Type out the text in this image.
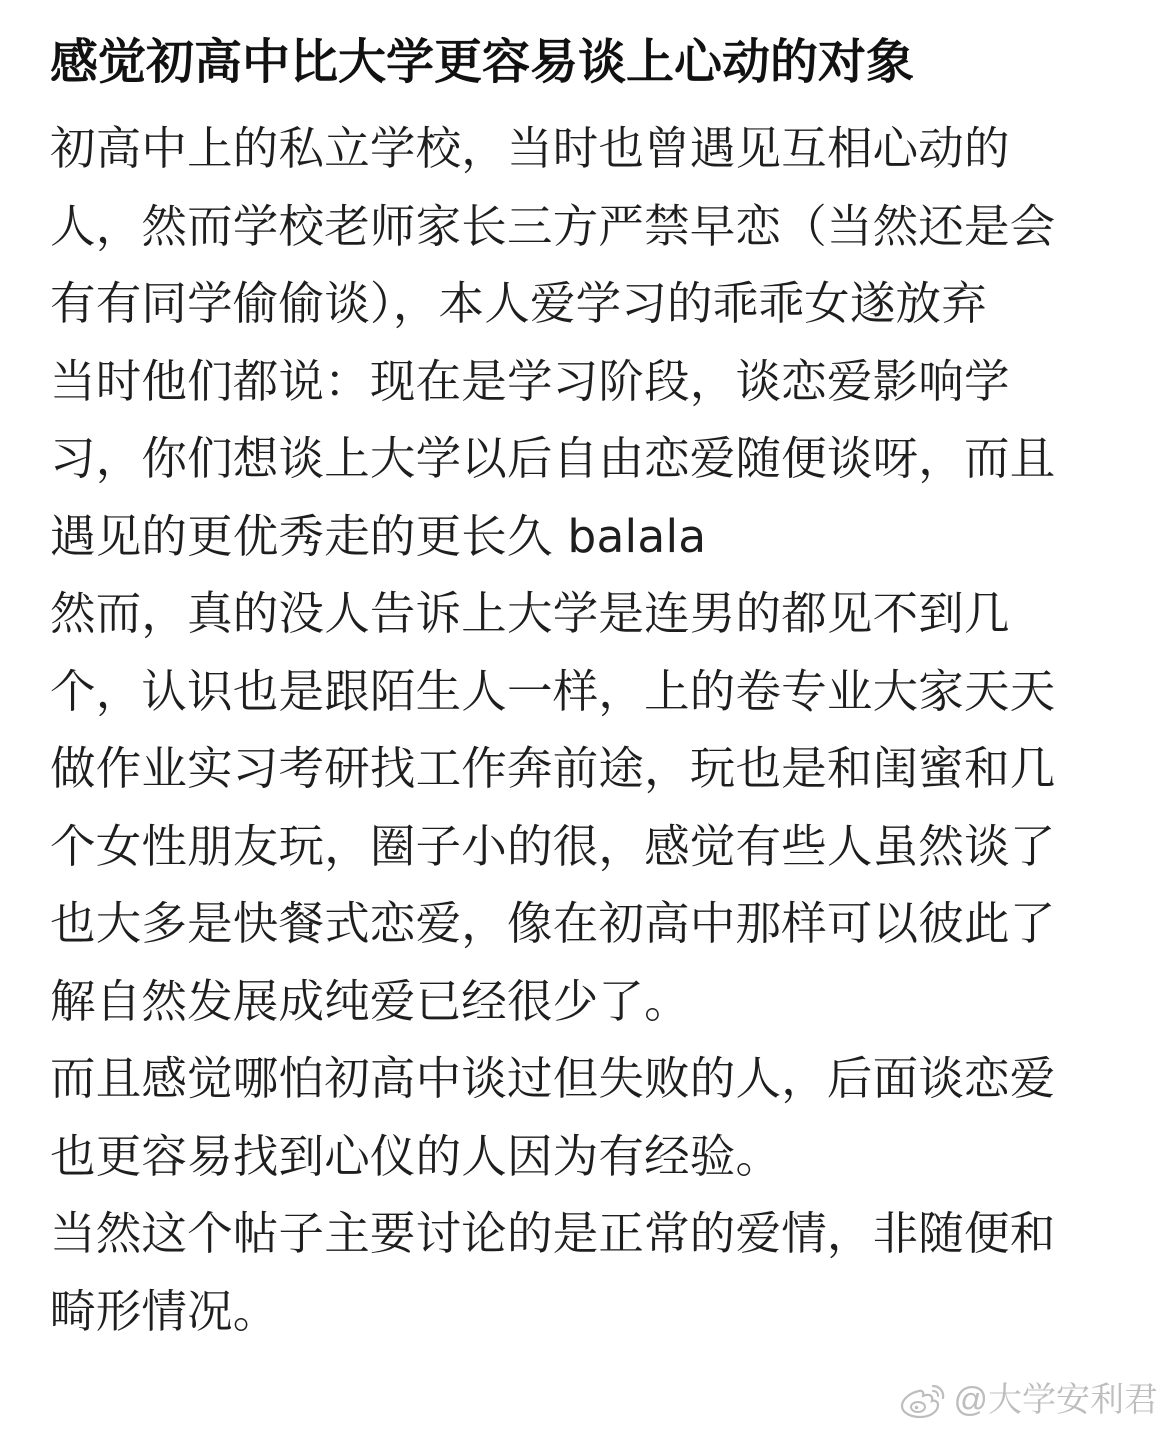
感觉初高中比大学更容易谈上心动的对象

初高中上的私立学校，当时也曾遇见互相心动的人，然而学校老师家长三方严禁早恋（当然还是会有有同学偷偷谈），本人爱学习的乖乖女遂放弃

当时他们都说：现在是学习阶段，谈恋爱影响学习，你们想谈上大学以后自由恋爱随便谈呀，而且遇见的更优秀走的更长久 balala

然而，真的没人告诉上大学是连男的都见不到几个，认识也是跟陌生人一样，上的卷专业大家天天做作业实习考研找工作奔前途，玩也是和闺蜜和几个女性朋友玩，圈子小的很，感觉有些人虽然谈了也大多是快餐式恋爱，像在初高中那样可以彼此了解自然发展成纯爱已经很少了。

而且感觉哪怕初高中谈过但失败的人，后面谈恋爱也更容易找到心仪的人因为有经验。

当然这个帖子主要讨论的是正常的爱情，非随便和畸形情况。

@大学安利君
